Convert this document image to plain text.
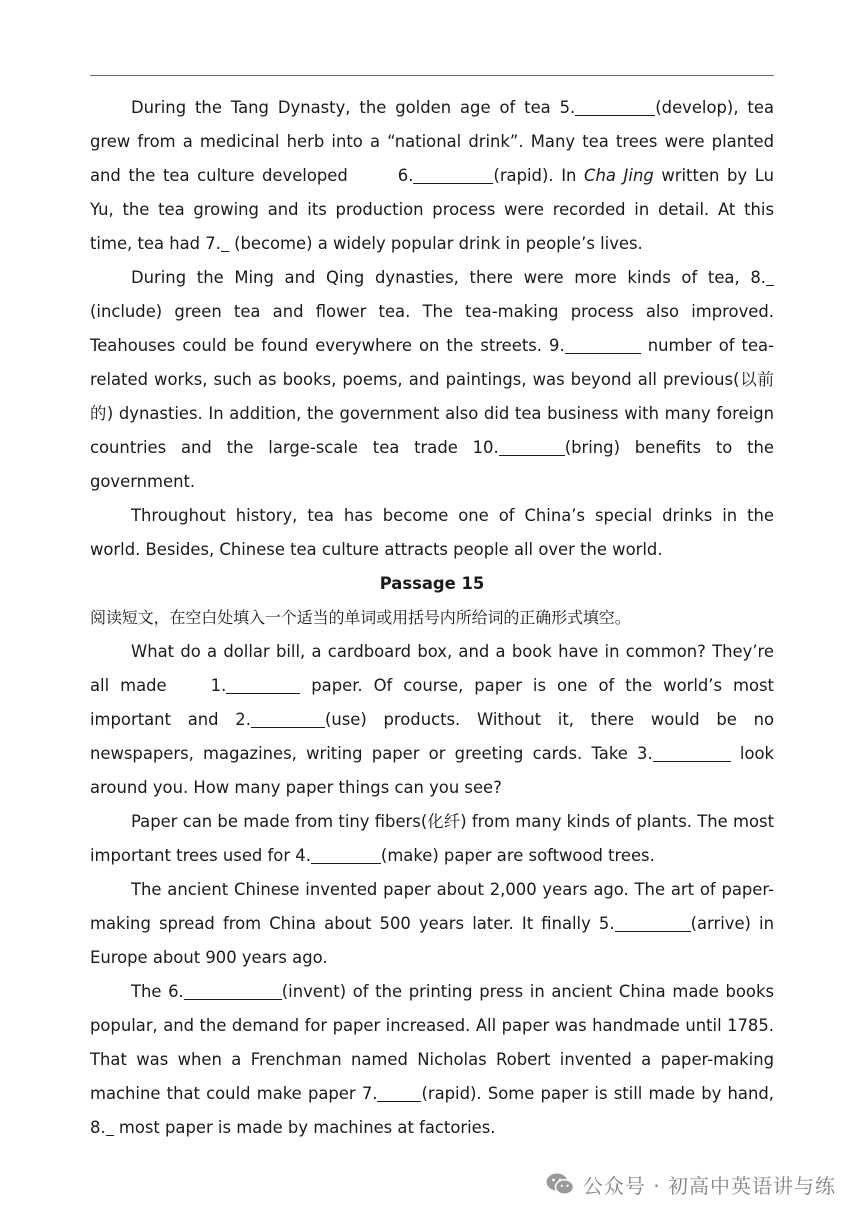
During the Tang Dynasty, the golden age of tea 5.	(develop), tea grew from a medicinal herb into a “national drink”. Many tea trees were planted and the tea culture developed	6.	(rapid). In Cha Jing written by Lu Yu, the tea growing and its production process were recorded in detail. At this time, tea had 7. (become) a widely popular drink in people’s lives.

During the Ming and Qing dynasties, there were more kinds of tea, 8. (include) green tea and flower tea. The tea-making process also improved. Teahouses could be found everywhere on the streets. 9.	number of tea-related works, such as books, poems, and paintings, was beyond all previous(以前的) dynasties. In addition, the government also did tea business with many foreign countries and the large-scale tea trade 10.	(bring) benefits to the government.

Throughout history, tea has become one of China’s special drinks in the world. Besides, Chinese tea culture attracts people all over the world.

Passage 15

阅读短文，在空白处填入一个适当的单词或用括号内所给词的正确形式填空。

What do a dollar bill, a cardboard box, and a book have in common? They’re all made	1.	paper. Of course, paper is one of the world’s most important and 2.	(use) products. Without it, there would be no newspapers, magazines, writing paper or greeting cards. Take 3.	look around you. How many paper things can you see?

Paper can be made from tiny fibers(化纤) from many kinds of plants. The most important trees used for 4.	(make) paper are softwood trees.

The ancient Chinese invented paper about 2,000 years ago. The art of paper-making spread from China about 500 years later. It finally 5.	(arrive) in Europe about 900 years ago.

The 6.	(invent) of the printing press in ancient China made books popular, and the demand for paper increased. All paper was handmade until 1785. That was when a Frenchman named Nicholas Robert invented a paper-making machine that could make paper 7.	(rapid). Some paper is still made by hand, 8. most paper is made by machines at factories.

公众号 · 初高中英语讲与练
